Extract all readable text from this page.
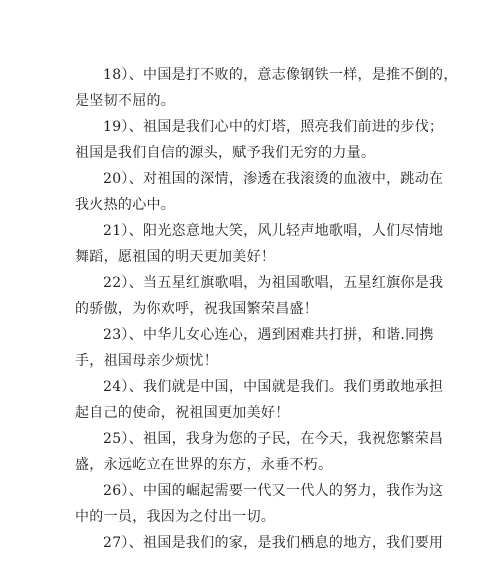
18）、中国是打不败的，意志像钢铁一样，是推不倒的，
是坚韧不屈的。

19）、祖国是我们心中的灯塔，照亮我们前进的步伐；
祖国是我们自信的源头，赋予我们无穷的力量。

20）、对祖国的深情，渗透在我滚烫的血液中，跳动在
我火热的心中。

21）、阳光恣意地大笑，风儿轻声地歌唱，人们尽情地
舞蹈，愿祖国的明天更加美好！

22）、当五星红旗歌唱，为祖国歌唱，五星红旗你是我
的骄傲，为你欢呼，祝我国繁荣昌盛！

23）、中华儿女心连心，遇到困难共打拼，和谐.同携
手，祖国母亲少烦忧！

24）、我们就是中国，中国就是我们。我们勇敢地承担
起自己的使命，祝祖国更加美好！

25）、祖国，我身为您的子民，在今天，我祝您繁荣昌
盛，永远屹立在世界的东方，永垂不朽。

26）、中国的崛起需要一代又一代人的努力，我作为这
中的一员，我因为之付出一切。

27）、祖国是我们的家，是我们栖息的地方，我们要用
